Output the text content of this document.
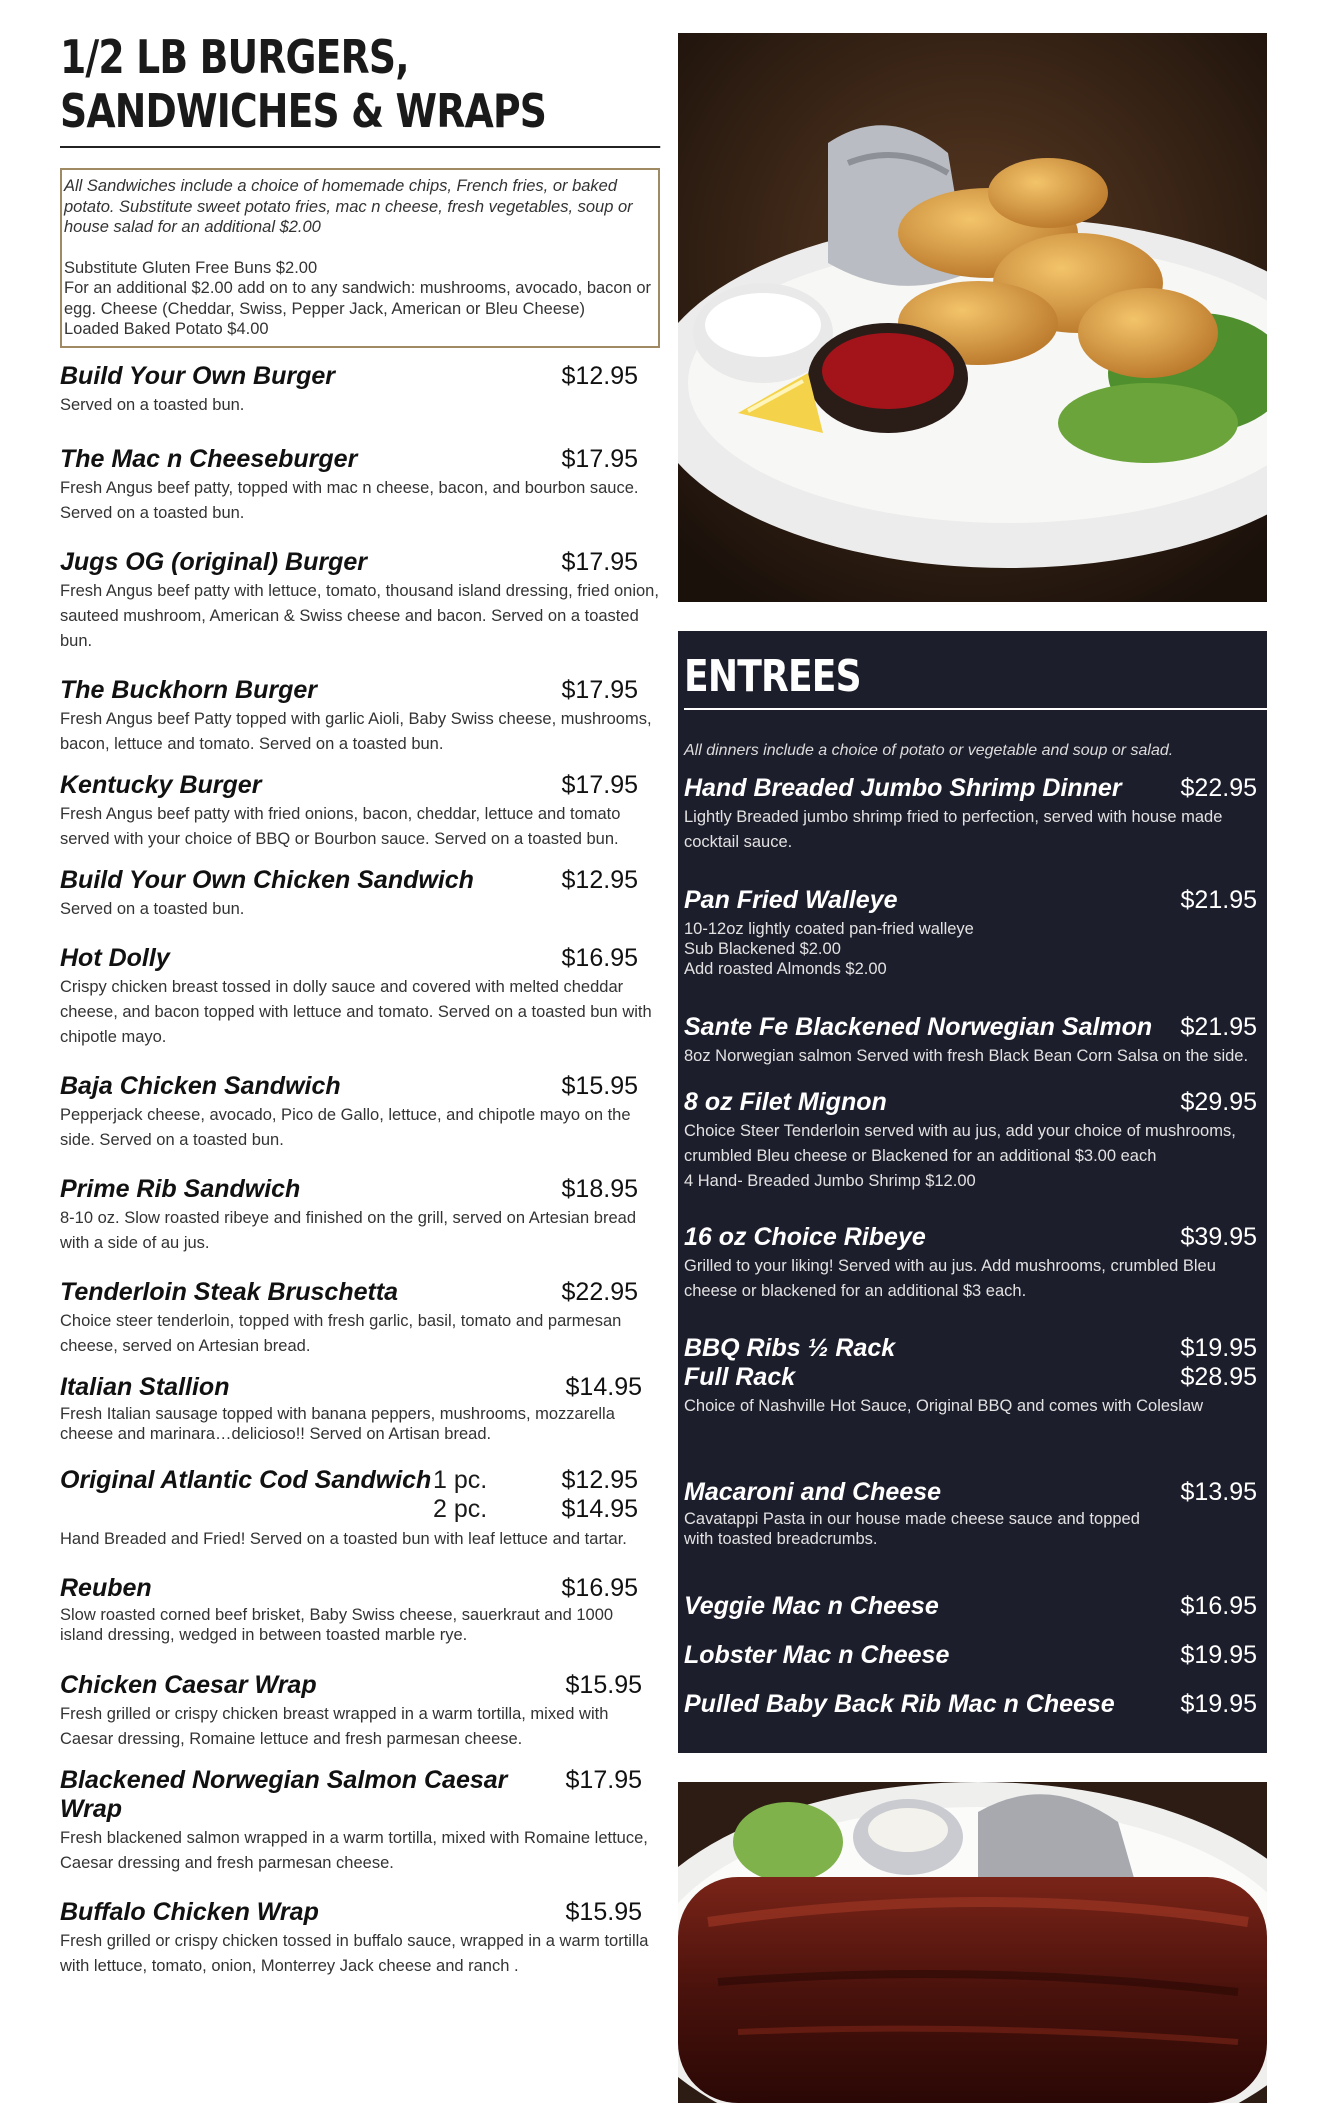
1/2 LB BURGERS, SANDWICHES & WRAPS
All Sandwiches include a choice of homemade chips, French fries, or baked potato. Substitute sweet potato fries, mac n cheese, fresh vegetables, soup or house salad for an additional $2.00
Substitute Gluten Free Buns $2.00
For an additional $2.00 add on to any sandwich: mushrooms, avocado, bacon or egg. Cheese (Cheddar, Swiss, Pepper Jack, American or Bleu Cheese)
Loaded Baked Potato $4.00
Build Your Own Burger	$12.95
Served on a toasted bun.
The Mac n Cheeseburger	$17.95
Fresh Angus beef patty, topped with mac n cheese, bacon, and bourbon sauce. Served on a toasted bun.
Jugs OG (original) Burger	$17.95
Fresh Angus beef patty with lettuce, tomato, thousand island dressing, fried onion, sauteed mushroom, American & Swiss cheese and bacon. Served on a toasted bun.
The Buckhorn Burger	$17.95
Fresh Angus beef Patty topped with garlic Aioli, Baby Swiss cheese, mushrooms, bacon, lettuce and tomato. Served on a toasted bun.
Kentucky Burger	$17.95
Fresh Angus beef patty with fried onions, bacon, cheddar, lettuce and tomato served with your choice of BBQ or Bourbon sauce. Served on a toasted bun.
Build Your Own Chicken Sandwich	$12.95
Served on a toasted bun.
Hot Dolly	$16.95
Crispy chicken breast tossed in dolly sauce and covered with melted cheddar cheese, and bacon topped with lettuce and tomato. Served on a toasted bun with chipotle mayo.
Baja Chicken Sandwich	$15.95
Pepperjack cheese, avocado, Pico de Gallo, lettuce, and chipotle mayo on the side. Served on a toasted bun.
Prime Rib Sandwich	$18.95
8-10 oz. Slow roasted ribeye and finished on the grill, served on Artesian bread with a side of au jus.
Tenderloin Steak Bruschetta	$22.95
Choice steer tenderloin, topped with fresh garlic, basil, tomato and parmesan cheese, served on Artesian bread.
Italian Stallion	$14.95
Fresh Italian sausage topped with banana peppers, mushrooms, mozzarella cheese and marinara…delicioso!! Served on Artisan bread.
Original Atlantic Cod Sandwich 1 pc.	$12.95
2 pc.	$14.95
Hand Breaded and Fried! Served on a toasted bun with leaf lettuce and tartar.
Reuben	$16.95
Slow roasted corned beef brisket, Baby Swiss cheese, sauerkraut and 1000 island dressing, wedged in between toasted marble rye.
Chicken Caesar Wrap	$15.95
Fresh grilled or crispy chicken breast wrapped in a warm tortilla, mixed with Caesar dressing, Romaine lettuce and fresh parmesan cheese.
Blackened Norwegian Salmon Caesar Wrap
$17.95
Fresh blackened salmon wrapped in a warm tortilla, mixed with Romaine lettuce, Caesar dressing and fresh parmesan cheese.
Buffalo Chicken Wrap	$15.95
Fresh grilled or crispy chicken tossed in buffalo sauce, wrapped in a warm tortilla with lettuce, tomato, onion, Monterrey Jack cheese and ranch .
ENTREES
All dinners include a choice of potato or vegetable and soup or salad.
Hand Breaded Jumbo Shrimp Dinner $22.95
Lightly Breaded jumbo shrimp fried to perfection, served with house made cocktail sauce.
Pan Fried Walleye	$21.95
10-12oz lightly coated pan-fried walleye
Sub Blackened $2.00
Add roasted Almonds $2.00
Sante Fe Blackened Norwegian Salmon $21.95
8oz Norwegian salmon Served with fresh Black Bean Corn Salsa on the side.
8 oz Filet Mignon	$29.95
Choice Steer Tenderloin served with au jus, add your choice of mushrooms, crumbled Bleu cheese or Blackened for an additional $3.00 each
4 Hand- Breaded Jumbo Shrimp $12.00
16 oz Choice Ribeye	$39.95
Grilled to your liking! Served with au jus. Add mushrooms, crumbled Bleu cheese or blackened for an additional $3 each.
BBQ Ribs ½ Rack	$19.95
Full Rack	$28.95
Choice of Nashville Hot Sauce, Original BBQ and comes with Coleslaw
Macaroni and Cheese	$13.95
Cavatappi Pasta in our house made cheese sauce and topped with toasted breadcrumbs.
Veggie Mac n Cheese	$16.95
Lobster Mac n Cheese	$19.95
Pulled Baby Back Rib Mac n Cheese	$19.95
